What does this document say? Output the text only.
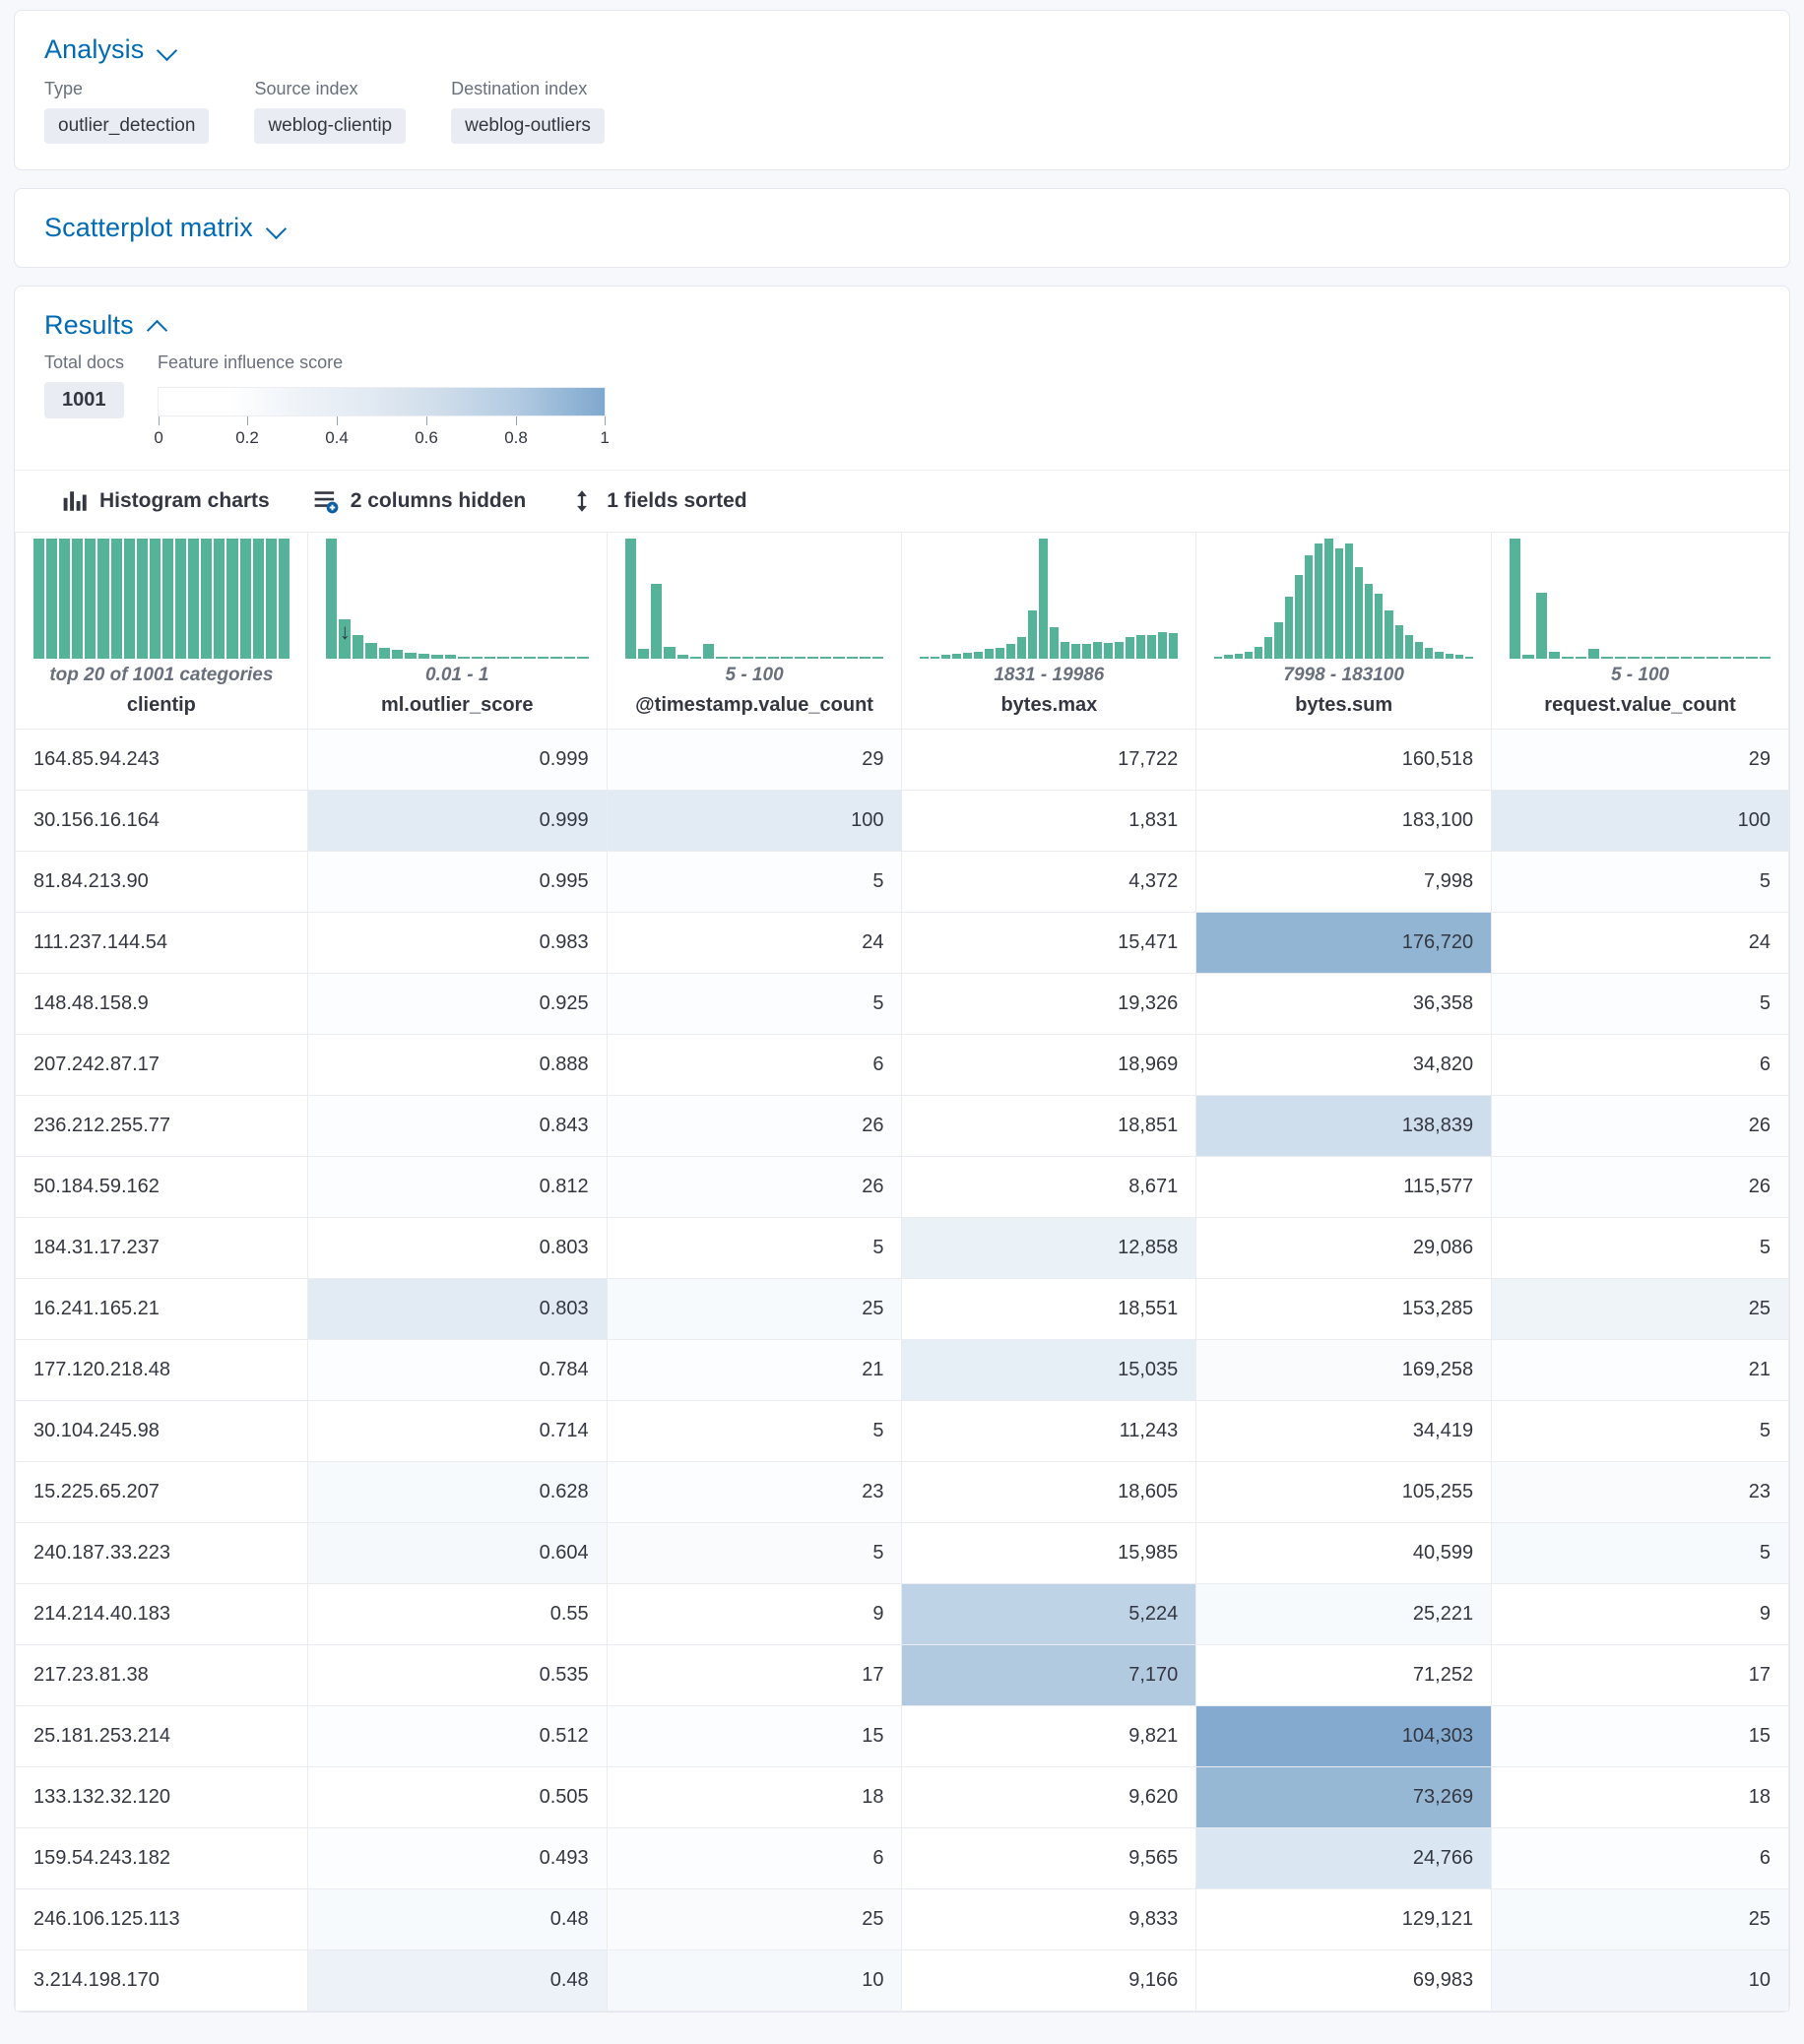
Analysis
Type
outlier_detection
Source index
weblog-clientip
Destination index
weblog-outliers
Scatterplot matrix
Results
Total docs
1001
Feature influence score
0	0.2	0.4	0.6	0.8	1
Histogram charts	2 columns hidden	1 fields sorted
top 20 of 1001 categories
clientip

↓
0.01 - 1
ml.outlier_score

5 - 100
@timestamp.value_count

1831 - 19986
bytes.max

7998 - 183100
bytes.sum

5 - 100
request.value_count

164.85.94.243	0.999	29	17,722	160,518	29

30.156.16.164	0.999	100	1,831	183,100	100

81.84.213.90	0.995	5	4,372	7,998	5

111.237.144.54	0.983	24	15,471	176,720	24

148.48.158.9	0.925	5	19,326	36,358	5

207.242.87.17	0.888	6	18,969	34,820	6

236.212.255.77	0.843	26	18,851	138,839	26

50.184.59.162	0.812	26	8,671	115,577	26

184.31.17.237	0.803	5	12,858	29,086	5

16.241.165.21	0.803	25	18,551	153,285	25

177.120.218.48	0.784	21	15,035	169,258	21

30.104.245.98	0.714	5	11,243	34,419	5

15.225.65.207	0.628	23	18,605	105,255	23

240.187.33.223	0.604	5	15,985	40,599	5

214.214.40.183	0.55	9	5,224	25,221	9

217.23.81.38	0.535	17	7,170	71,252	17

25.181.253.214	0.512	15	9,821	104,303	15

133.132.32.120	0.505	18	9,620	73,269	18

159.54.243.182	0.493	6	9,565	24,766	6

246.106.125.113	0.48	25	9,833	129,121	25

3.214.198.170	0.48	10	9,166	69,983	10
